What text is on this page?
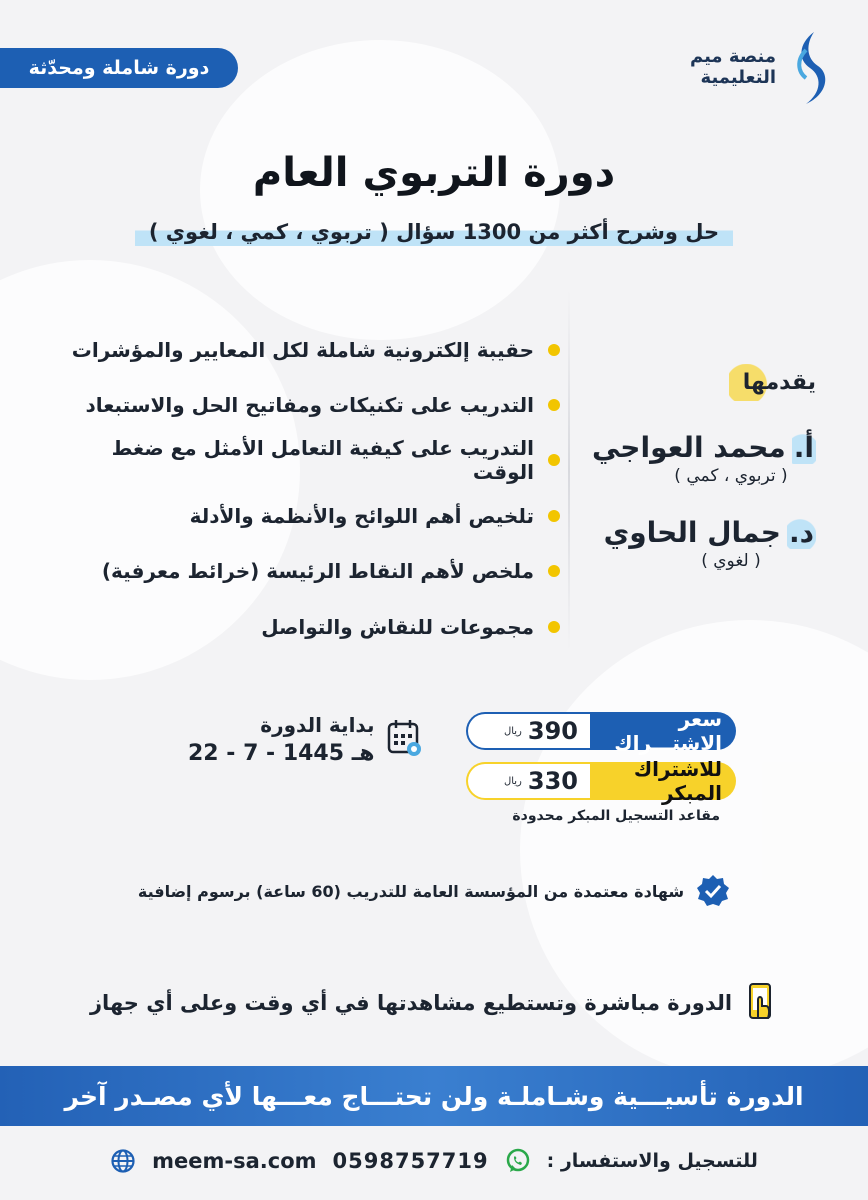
دورة شاملة ومحدّثة
منصة ميم
التعليمية
دورة التربوي العام
حل وشرح أكثر من 1300 سؤال ( تربوي ، كمي ، لغوي )
حقيبة إلكترونية شاملة لكل المعايير والمؤشرات
التدريب على تكنيكات ومفاتيح الحل والاستبعاد
التدريب على كيفية التعامل الأمثل مع ضغط الوقت
تلخيص أهم اللوائح والأنظمة والأدلة
ملخص لأهم النقاط الرئيسة (خرائط معرفية)
مجموعات للنقاش والتواصل
يقدمها
أ.
محمد العواجي
( تربوي ، كمي )
د.
جمال الحاوي
( لغوي )
سعر الاشتـــراك
390
ريال
للاشتراك المبكر
330
ريال
مقاعد التسجيل المبكر محدودة
بداية الدورة
22 - 7 - 1445 هـ
شهادة معتمدة من المؤسسة العامة للتدريب (60 ساعة) برسوم إضافية
الدورة مباشرة وتستطيع مشاهدتها في أي وقت وعلى أي جهاز
الدورة تأسيـــية وشـاملـة ولن تحتـــاج معـــها لأي مصـدر آخر
للتسجيل والاستفسار :
0598757719
meem-sa.com
